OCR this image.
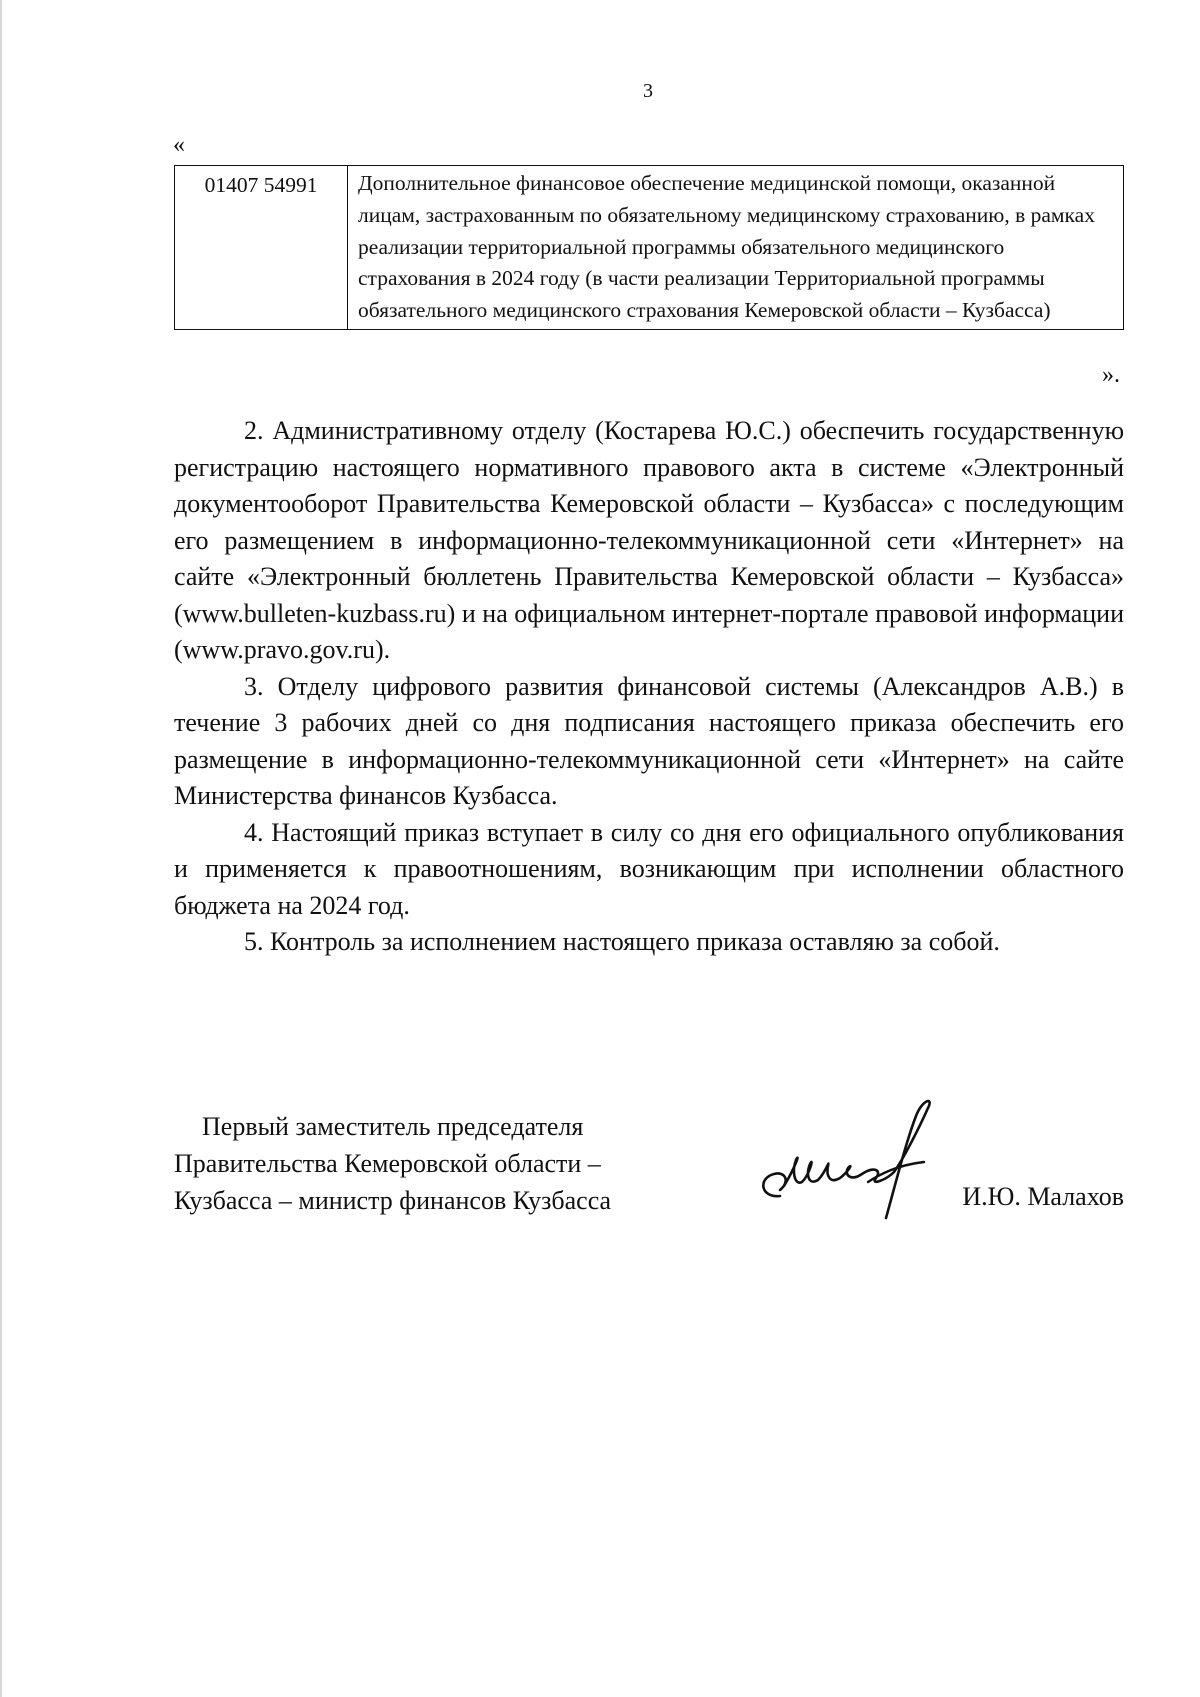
3
«
01407 54991	Дополнительное финансовое обеспечение медицинской помощи, оказанной лицам, застрахованным по обязательному медицинскому страхованию, в рамках реализации территориальной программы обязательного медицинского страхования в 2024 году (в части реализации Территориальной программы обязательного медицинского страхования Кемеровской области – Кузбасса)
».

2. Административному отделу (Костарева Ю.С.) обеспечить государственную регистрацию настоящего нормативного правового акта в системе «Электронный документооборот Правительства Кемеровской области – Кузбасса» с последующим его размещением в информационно-телекоммуникационной сети «Интернет» на сайте «Электронный бюллетень Правительства Кемеровской области – Кузбасса» (www.bulleten-kuzbass.ru) и на официальном интернет-портале правовой информации (www.pravo.gov.ru).

3. Отделу цифрового развития финансовой системы (Александров А.В.) в течение 3 рабочих дней со дня подписания настоящего приказа обеспечить его размещение в информационно-телекоммуникационной сети «Интернет» на сайте Министерства финансов Кузбасса.

4. Настоящий приказ вступает в силу со дня его официального опубликования и применяется к правоотношениям, возникающим при исполнении областного бюджета на 2024 год.

5. Контроль за исполнением настоящего приказа оставляю за собой.

Первый заместитель председателя
Правительства Кемеровской области –
Кузбасса – министр финансов Кузбасса	И.Ю. Малахов
